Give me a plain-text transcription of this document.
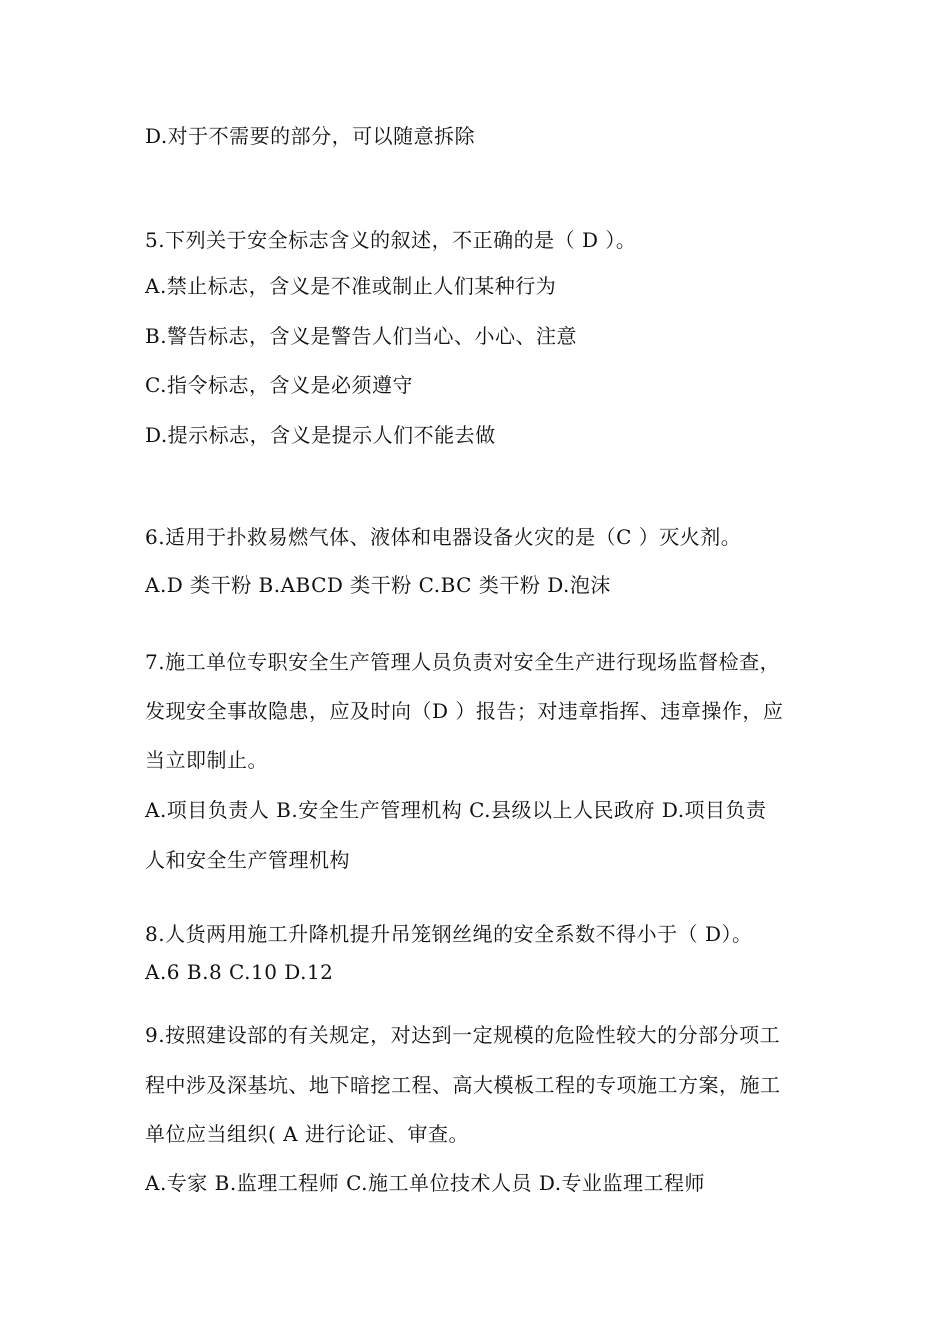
D.对于不需要的部分，可以随意拆除
5.下列关于安全标志含义的叙述，不正确的是（ D ）。
A.禁止标志，含义是不准或制止人们某种行为
B.警告标志，含义是警告人们当心、小心、注意
C.指令标志，含义是必须遵守
D.提示标志，含义是提示人们不能去做
6.适用于扑救易燃气体、液体和电器设备火灾的是（C ）灭火剂。
A.D 类干粉 B.ABCD 类干粉 C.BC 类干粉 D.泡沫
7.施工单位专职安全生产管理人员负责对安全生产进行现场监督检查，
发现安全事故隐患，应及时向（D ）报告；对违章指挥、违章操作，应
当立即制止。
A.项目负责人 B.安全生产管理机构 C.县级以上人民政府 D.项目负责
人和安全生产管理机构
8.人货两用施工升降机提升吊笼钢丝绳的安全系数不得小于（ D）。
A.6 B.8 C.10 D.12
9.按照建设部的有关规定，对达到一定规模的危险性较大的分部分项工
程中涉及深基坑、地下暗挖工程、高大模板工程的专项施工方案，施工
单位应当组织( A 进行论证、审查。
A.专家 B.监理工程师 C.施工单位技术人员 D.专业监理工程师
